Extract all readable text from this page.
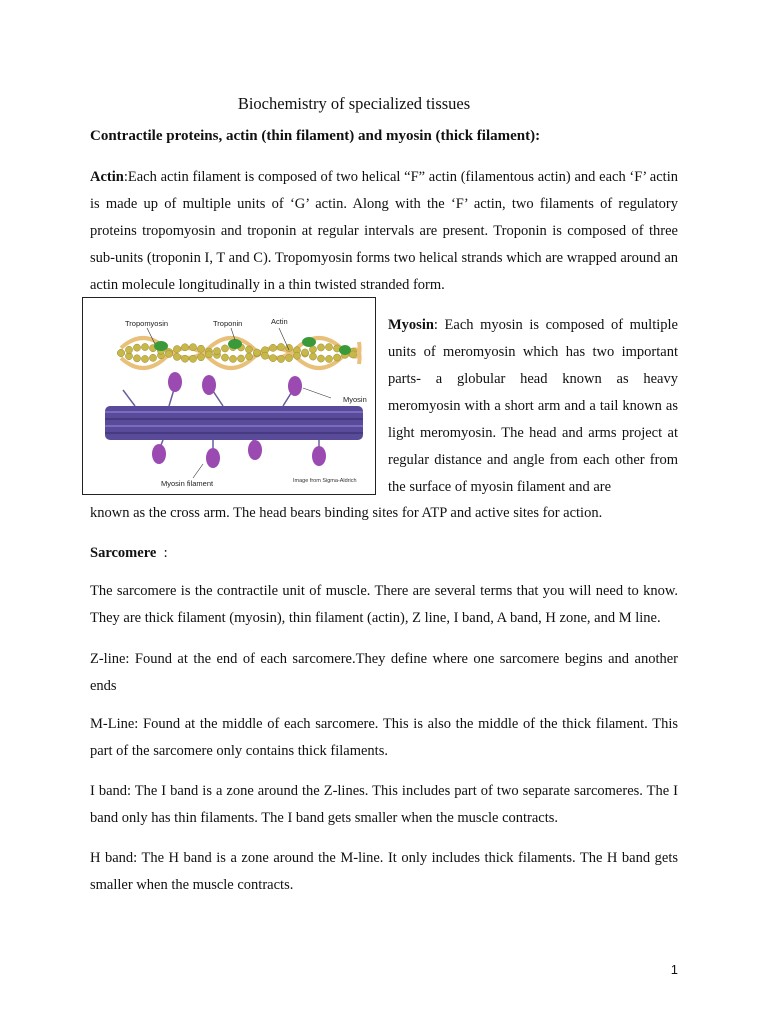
Biochemistry of specialized tissues
Contractile proteins, actin (thin filament) and myosin (thick filament):

Actin:Each actin filament is composed of two helical “F” actin (filamentous actin) and each ‘F’ actin is made up of multiple units of ‘G’ actin. Along with the ‘F’ actin, two filaments of regulatory proteins tropomyosin and troponin at regular intervals are present. Troponin is composed of three sub-units (troponin I, T and C). Tropomyosin forms two helical strands which are wrapped around an actin molecule longitudinally in a thin twisted stranded form.

Tropomyosin	Troponin	Actin
Myosin
Myosin filament	Image from Sigma-Aldrich

Myosin: Each myosin is composed of multiple units of meromyosin which has two important parts- a globular head known as heavy meromyosin with a short arm and a tail known as light meromyosin. The head and arms project at regular distance and angle from each other from the surface of myosin filament and are

known as the cross arm. The head bears binding sites for ATP and active sites for action.

Sarcomere  :

The sarcomere is the contractile unit of muscle. There are several terms that you will need to know. They are thick filament (myosin), thin filament (actin), Z line, I band, A band, H zone, and M line.

Z-line: Found at the end of each sarcomere.They define where one sarcomere begins and another ends

M-Line: Found at the middle of each sarcomere. This is also the middle of the thick filament. This part of the sarcomere only contains thick filaments.

I band: The I band is a zone around the Z-lines. This includes part of two separate sarcomeres. The I band only has thin filaments. The I band gets smaller when the muscle contracts.

H band: The H band is a zone around the M-line. It only includes thick filaments. The H band gets smaller when the muscle contracts.

1
